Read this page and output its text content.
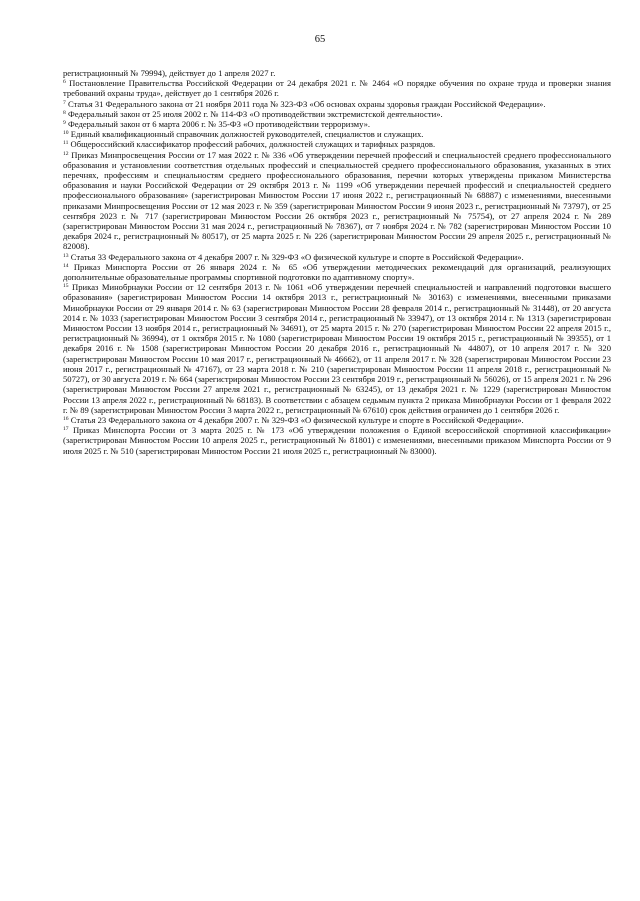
65

регистрационный № 79994), действует до 1 апреля 2027 г.

$^6$ Постановление Правительства Российской Федерации от 24 декабря 2021 г. № 2464 «О порядке обучения по охране труда и проверки знания требований охраны труда», действует до 1 сентября 2026 г.

$^7$ Статья 31 Федерального закона от 21 ноября 2011 года № 323-ФЗ «Об основах охраны здоровья граждан Российской Федерации».

$^8$ Федеральный закон от 25 июля 2002 г. № 114-ФЗ «О противодействии экстремистской деятельности».

$^9$ Федеральный закон от 6 марта 2006 г. № 35-ФЗ «О противодействии терроризму».

$^{10}$ Единый квалификационный справочник должностей руководителей, специалистов и служащих.

$^{11}$ Общероссийский классификатор профессий рабочих, должностей служащих и тарифных разрядов.

$^{12}$ Приказ Минпросвещения России от 17 мая 2022 г. № 336 «Об утверждении перечней профессий и специальностей среднего профессионального образования и установлении соответствия отдельных профессий и специальностей среднего профессионального образования, указанных в этих перечнях, профессиям и специальностям среднего профессионального образования, перечни которых утверждены приказом Министерства образования и науки Российской Федерации от 29 октября 2013 г. № 1199 «Об утверждении перечней профессий и специальностей среднего профессионального образования» (зарегистрирован Минюстом России 17 июня 2022 г., регистрационный № 68887) с изменениями, внесенными приказами Минпросвещения России от 12 мая 2023 г. № 359 (зарегистрирован Минюстом России 9 июня 2023 г., регистрационный № 73797), от 25 сентября 2023 г. № 717 (зарегистрирован Минюстом России 26 октября 2023 г., регистрационный № 75754), от 27 апреля 2024 г. № 289 (зарегистрирован Минюстом России 31 мая 2024 г., регистрационный № 78367), от 7 ноября 2024 г. № 782 (зарегистрирован Минюстом России 10 декабря 2024 г., регистрационный № 80517), от 25 марта 2025 г. № 226 (зарегистрирован Минюстом России 29 апреля 2025 г., регистрационный № 82008).

$^{13}$ Статья 33 Федерального закона от 4 декабря 2007 г. № 329-ФЗ «О физической культуре и спорте в Российской Федерации».

$^{14}$ Приказ Минспорта России от 26 января 2024 г. № 65 «Об утверждении методических рекомендаций для организаций, реализующих дополнительные образовательные программы спортивной подготовки по адаптивному спорту».

$^{15}$ Приказ Минобрнауки России от 12 сентября 2013 г. № 1061 «Об утверждении перечней специальностей и направлений подготовки высшего образования» (зарегистрирован Минюстом России 14 октября 2013 г., регистрационный № 30163) с изменениями, внесенными приказами Минобрнауки России от 29 января 2014 г. № 63 (зарегистрирован Минюстом России 28 февраля 2014 г., регистрационный № 31448), от 20 августа 2014 г. № 1033 (зарегистрирован Минюстом России 3 сентября 2014 г., регистрационный № 33947), от 13 октября 2014 г. № 1313 (зарегистрирован Минюстом России 13 ноября 2014 г., регистрационный № 34691), от 25 марта 2015 г. № 270 (зарегистрирован Минюстом России 22 апреля 2015 г., регистрационный № 36994), от 1 октября 2015 г. № 1080 (зарегистрирован Минюстом России 19 октября 2015 г., регистрационный № 39355), от 1 декабря 2016 г. № 1508 (зарегистрирован Минюстом России 20 декабря 2016 г., регистрационный № 44807), от 10 апреля 2017 г. № 320 (зарегистрирован Минюстом России 10 мая 2017 г., регистрационный № 46662), от 11 апреля 2017 г. № 328 (зарегистрирован Минюстом России 23 июня 2017 г., регистрационный № 47167), от 23 марта 2018 г. № 210 (зарегистрирован Минюстом России 11 апреля 2018 г., регистрационный № 50727), от 30 августа 2019 г. № 664 (зарегистрирован Минюстом России 23 сентября 2019 г., регистрационный № 56026), от 15 апреля 2021 г. № 296 (зарегистрирован Минюстом России 27 апреля 2021 г., регистрационный № 63245), от 13 декабря 2021 г. № 1229 (зарегистрирован Минюстом России 13 апреля 2022 г., регистрационный № 68183). В соответствии с абзацем седьмым пункта 2 приказа Минобрнауки России от 1 февраля 2022 г. № 89 (зарегистрирован Минюстом России 3 марта 2022 г., регистрационный № 67610) срок действия ограничен до 1 сентября 2026 г.

$^{16}$ Статья 23 Федерального закона от 4 декабря 2007 г. № 329-ФЗ «О физической культуре и спорте в Российской Федерации».

$^{17}$ Приказ Минспорта России от 3 марта 2025 г. № 173 «Об утверждении положения о Единой всероссийской спортивной классификации» (зарегистрирован Минюстом России 10 апреля 2025 г., регистрационный № 81801) с изменениями, внесенными приказом Минспорта России от 9 июля 2025 г. № 510 (зарегистрирован Минюстом России 21 июля 2025 г., регистрационный № 83000).
